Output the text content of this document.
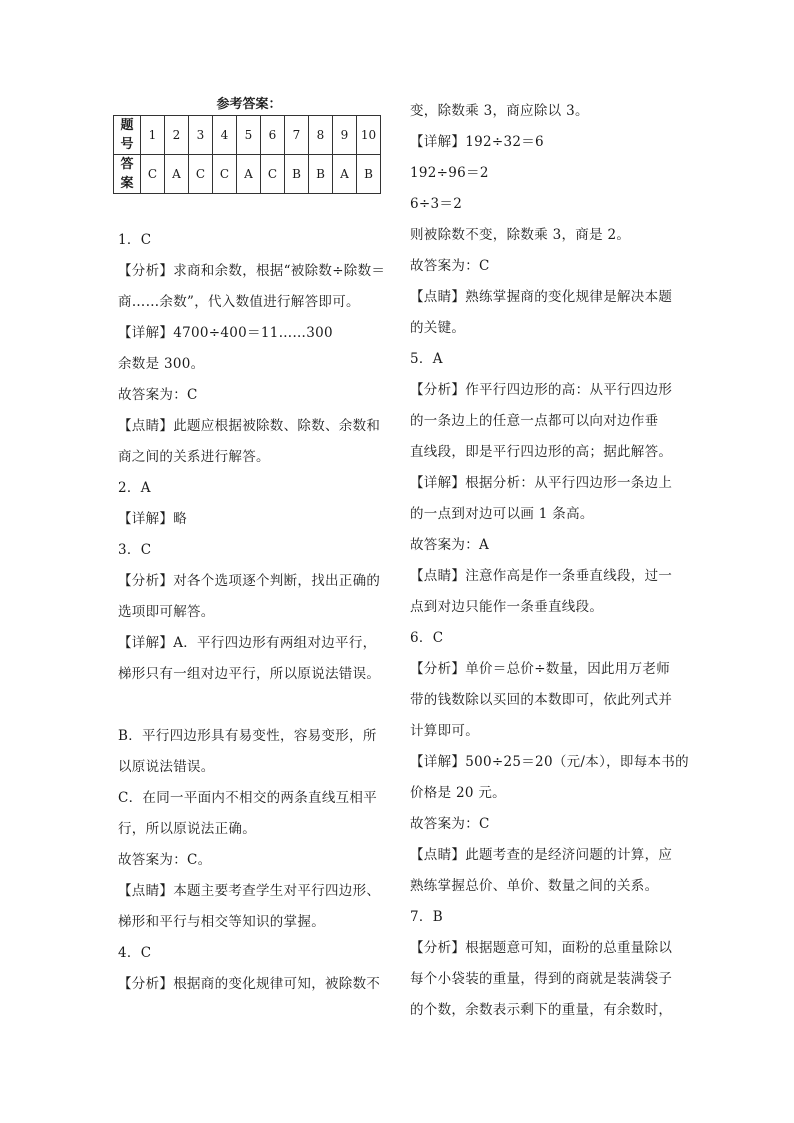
参考答案：
题
号	1	2	3	4	5	6	7	8	9	10
答
案	C	A	C	C	A	C	B	B	A	B

1．C

【分析】求商和余数，根据“被除数÷除数＝

商……余数”，代入数值进行解答即可。

【详解】4700÷400＝11……300

余数是 300。

故答案为：C

【点睛】此题应根据被除数、除数、余数和

商之间的关系进行解答。

2．A

【详解】略

3．C

【分析】对各个选项逐个判断，找出正确的

选项即可解答。

【详解】A．平行四边形有两组对边平行，

梯形只有一组对边平行，所以原说法错误。

B．平行四边形具有易变性，容易变形，所

以原说法错误。

C．在同一平面内不相交的两条直线互相平

行，所以原说法正确。

故答案为：C。

【点睛】本题主要考查学生对平行四边形、

梯形和平行与相交等知识的掌握。

4．C

【分析】根据商的变化规律可知，被除数不

变，除数乘 3，商应除以 3。

【详解】192÷32＝6

192÷96＝2

6÷3＝2

则被除数不变，除数乘 3，商是 2。

故答案为：C

【点睛】熟练掌握商的变化规律是解决本题

的关键。

5．A

【分析】作平行四边形的高：从平行四边形

的一条边上的任意一点都可以向对边作垂

直线段，即是平行四边形的高；据此解答。

【详解】根据分析：从平行四边形一条边上

的一点到对边可以画 1 条高。

故答案为：A

【点睛】注意作高是作一条垂直线段，过一

点到对边只能作一条垂直线段。

6．C

【分析】单价＝总价÷数量，因此用万老师

带的钱数除以买回的本数即可，依此列式并

计算即可。

【详解】500÷25＝20（元/本），即每本书的

价格是 20 元。

故答案为：C

【点睛】此题考查的是经济问题的计算，应

熟练掌握总价、单价、数量之间的关系。

7．B

【分析】根据题意可知，面粉的总重量除以

每个小袋装的重量，得到的商就是装满袋子

的个数，余数表示剩下的重量，有余数时，
